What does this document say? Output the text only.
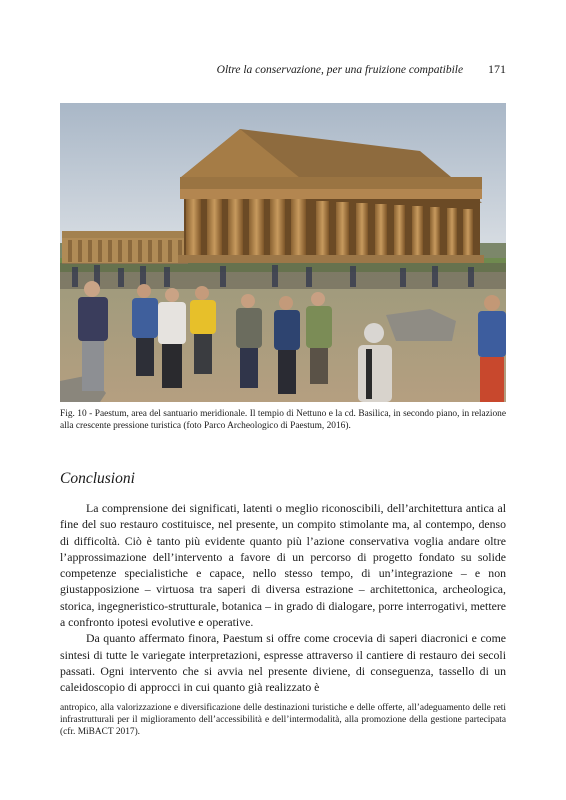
Oltre la conservazione, per una fruizione compatibile 171
Fig. 10 - Paestum, area del santuario meridionale. Il tempio di Nettuno e la cd. Basilica, in secondo piano, in relazione alla crescente pressione turistica (foto Parco Archeologico di Paestum, 2016).
Conclusioni

La comprensione dei significati, latenti o meglio riconoscibili, dell’architettura antica al fine del suo restauro costituisce, nel presente, un compito stimolante ma, al contempo, denso di difficoltà. Ciò è tanto più evidente quanto più l’azione conservativa voglia andare oltre l’approssimazione dell’intervento a favore di un percorso di progetto fondato su solide competenze specialistiche e capace, nello stesso tempo, di un’integrazione – e non giustapposizione – virtuosa tra saperi di diversa estrazione – architettonica, archeologica, storica, ingegneristico-strutturale, botanica – in grado di dialogare, porre interrogativi, mettere a confronto ipotesi evolutive e operative.

Da quanto affermato finora, Paestum si offre come crocevia di saperi diacronici e come sintesi di tutte le variegate interpretazioni, espresse attraverso il cantiere di restauro dei secoli passati. Ogni intervento che si avvia nel presente diviene, di conseguenza, tassello di un caleidoscopio di approcci in cui quanto già realizzato è

antropico, alla valorizzazione e diversificazione delle destinazioni turistiche e delle offerte, all’adeguamento delle reti infrastrutturali per il miglioramento dell’accessibilità e dell’intermodalità, alla promozione della gestione partecipata (cfr. MiBACT 2017).
